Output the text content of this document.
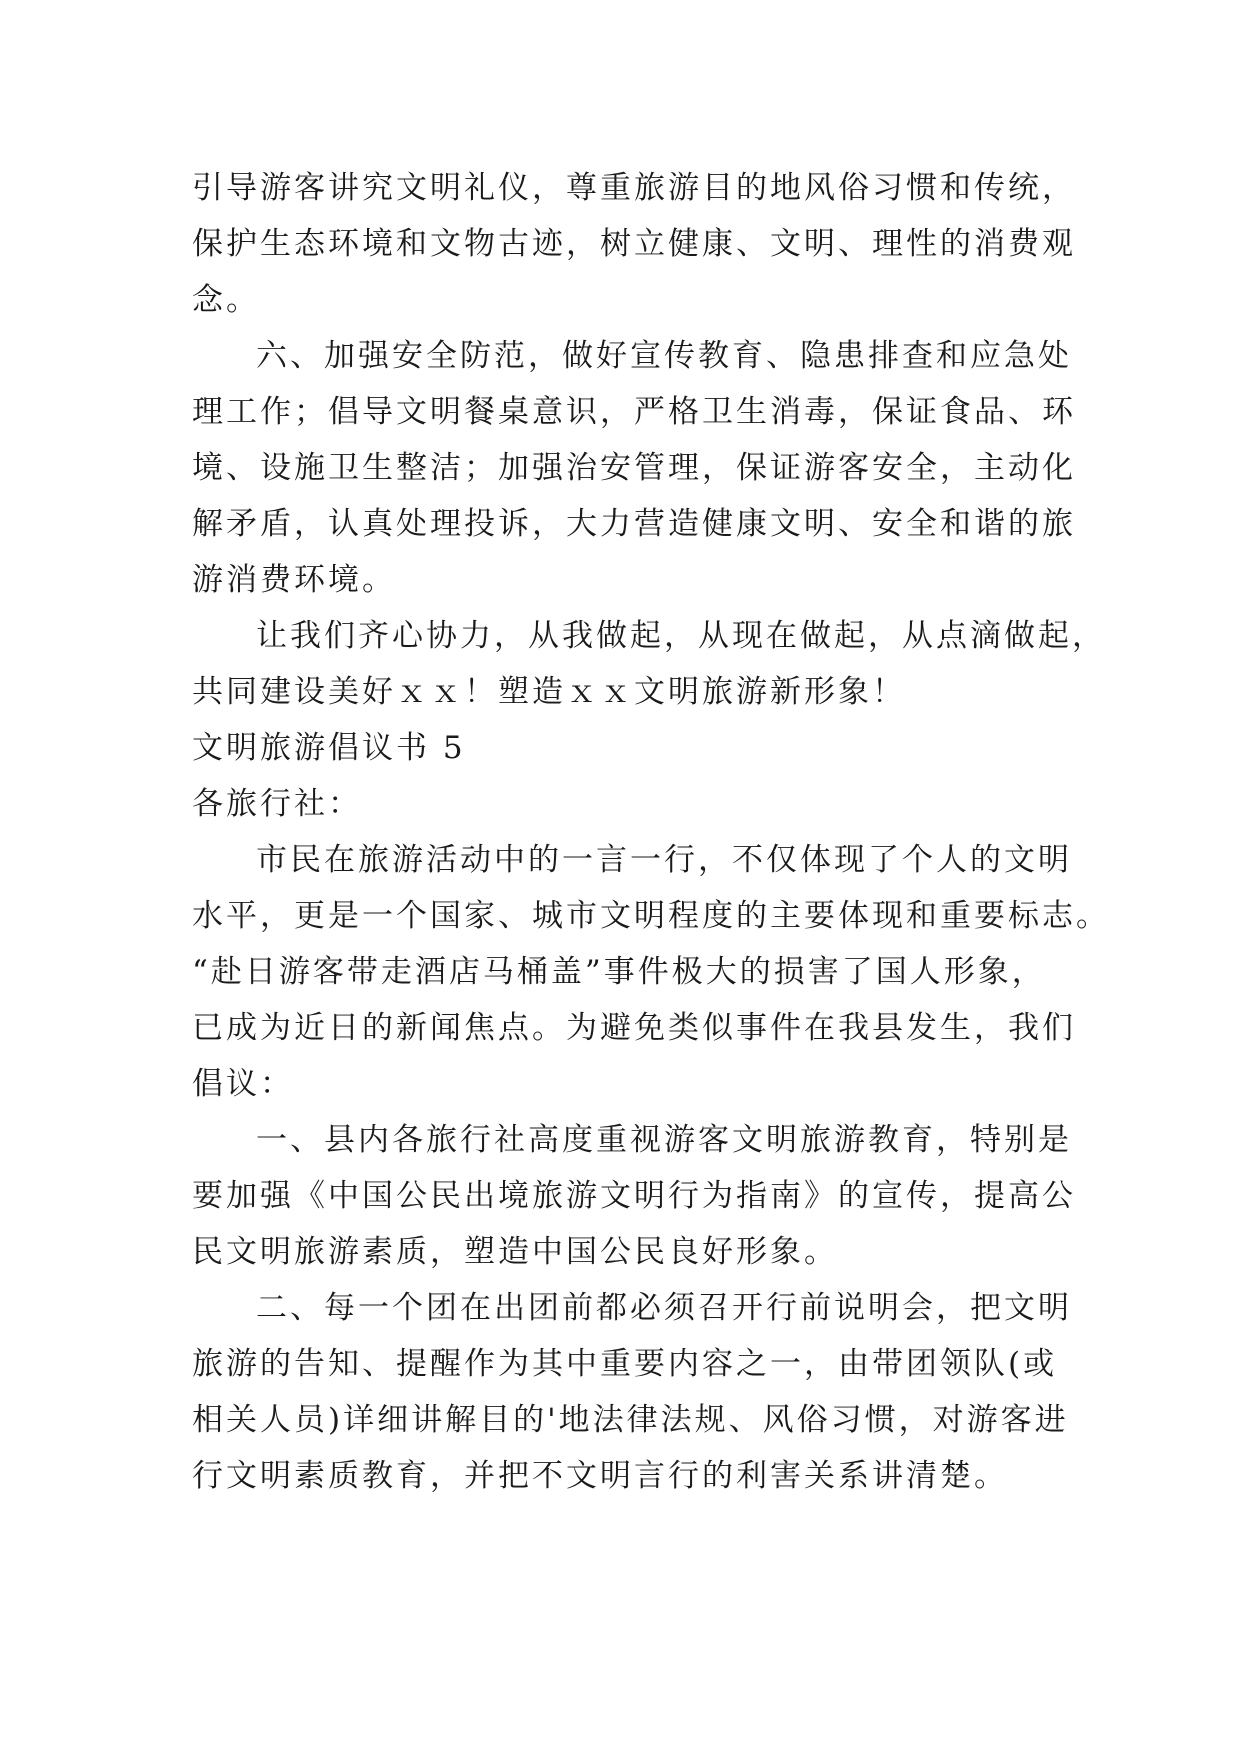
引导游客讲究文明礼仪，尊重旅游目的地风俗习惯和传统，
保护生态环境和文物古迹，树立健康、文明、理性的消费观
念。
六、加强安全防范，做好宣传教育、隐患排查和应急处
理工作；倡导文明餐桌意识，严格卫生消毒，保证食品、环
境、设施卫生整洁；加强治安管理，保证游客安全，主动化
解矛盾，认真处理投诉，大力营造健康文明、安全和谐的旅
游消费环境。
让我们齐心协力，从我做起，从现在做起，从点滴做起，
共同建设美好ｘｘ！塑造ｘｘ文明旅游新形象！
文明旅游倡议书 5
各旅行社：
市民在旅游活动中的一言一行，不仅体现了个人的文明
水平，更是一个国家、城市文明程度的主要体现和重要标志。
“赴日游客带走酒店马桶盖”事件极大的损害了国人形象，
已成为近日的新闻焦点。为避免类似事件在我县发生，我们
倡议：
一、县内各旅行社高度重视游客文明旅游教育，特别是
要加强《中国公民出境旅游文明行为指南》的宣传，提高公
民文明旅游素质，塑造中国公民良好形象。
二、每一个团在出团前都必须召开行前说明会，把文明
旅游的告知、提醒作为其中重要内容之一，由带团领队(或
相关人员)详细讲解目的'地法律法规、风俗习惯，对游客进
行文明素质教育，并把不文明言行的利害关系讲清楚。
